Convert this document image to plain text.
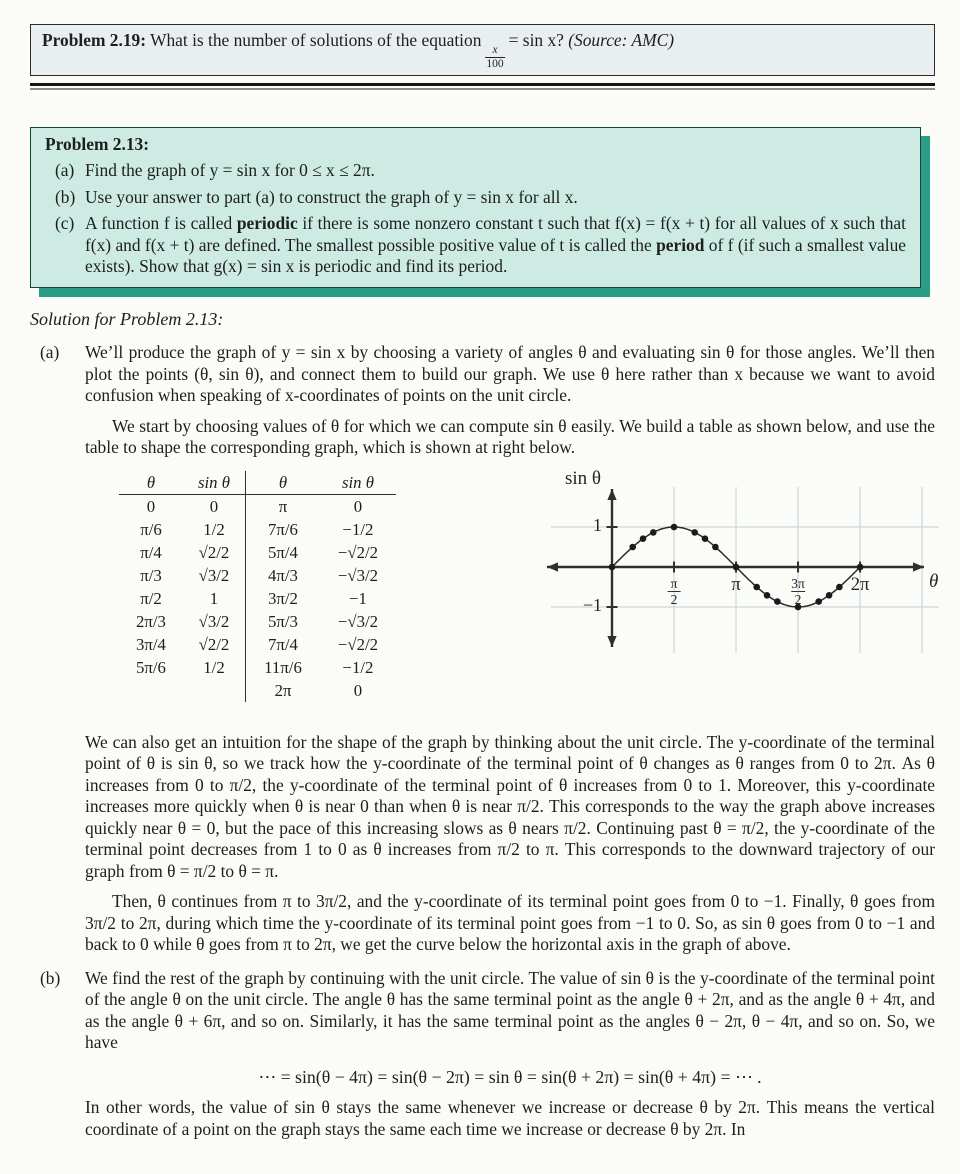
Problem 2.19: What is the number of solutions of the equation
$\frac{x}{100}$
= sin x? (Source: AMC)

Problem 2.13:

(a) Find the graph of y = sin x for 0 ≤ x ≤ 2π.
(b) Use your answer to part (a) to construct the graph of y = sin x for all x.
(c) A function f is called periodic if there is some nonzero constant t such that f(x) = f(x + t) for all values of x such that f(x) and f(x + t) are defined. The smallest possible positive value of t is called the period of f (if such a smallest value exists). Show that g(x) = sin x is periodic and find its period.
Solution for Problem 2.13:
(a)	We’ll produce the graph of y = sin x by choosing a variety of angles θ and evaluating sin θ for those angles. We’ll then plot the points (θ, sin θ), and connect them to build our graph. We use θ here rather than x because we want to avoid confusion when speaking of x-coordinates of points on the unit circle.

We start by choosing values of θ for which we can compute sin θ easily. We build a table as shown below, and use the table to shape the corresponding graph, which is shown at right below.

θ	sin θ	θ	sin θ
0	0	π	0
π/6	1/2	7π/6	−1/2
π/4	√2/2	5π/4	−√2/2
π/3	√3/2	4π/3	−√3/2
π/2	1	3π/2	−1
2π/3	√3/2	5π/3	−√3/2
3π/4	√2/2	7π/4	−√2/2
5π/6	1/2	11π/6	−1/2
		2π	0
sin θ
θ
1
−1
π
2
π	3π
2
2π

We can also get an intuition for the shape of the graph by thinking about the unit circle. The y-coordinate of the terminal point of θ is sin θ, so we track how the y-coordinate of the terminal point of θ changes as θ ranges from 0 to 2π. As θ increases from 0 to π/2, the y-coordinate of the terminal point of θ increases from 0 to 1. Moreover, this y-coordinate increases more quickly when θ is near 0 than when θ is near π/2. This corresponds to the way the graph above increases quickly near θ = 0, but the pace of this increasing slows as θ nears π/2. Continuing past θ = π/2, the y-coordinate of the terminal point decreases from 1 to 0 as θ increases from π/2 to π. This corresponds to the downward trajectory of our graph from θ = π/2 to θ = π.

Then, θ continues from π to 3π/2, and the y-coordinate of its terminal point goes from 0 to −1. Finally, θ goes from 3π/2 to 2π, during which time the y-coordinate of its terminal point goes from −1 to 0. So, as sin θ goes from 0 to −1 and back to 0 while θ goes from π to 2π, we get the curve below the horizontal axis in the graph of above.

(b)	We find the rest of the graph by continuing with the unit circle. The value of sin θ is the y-coordinate of the terminal point of the angle θ on the unit circle. The angle θ has the same terminal point as the angle θ + 2π, and as the angle θ + 4π, and as the angle θ + 6π, and so on. Similarly, it has the same terminal point as the angles θ − 2π, θ − 4π, and so on. So, we have

⋯ = sin(θ − 4π) = sin(θ − 2π) = sin θ = sin(θ + 2π) = sin(θ + 4π) = ⋯ .

In other words, the value of sin θ stays the same whenever we increase or decrease θ by 2π. This means the vertical coordinate of a point on the graph stays the same each time we increase or decrease θ by 2π. In
